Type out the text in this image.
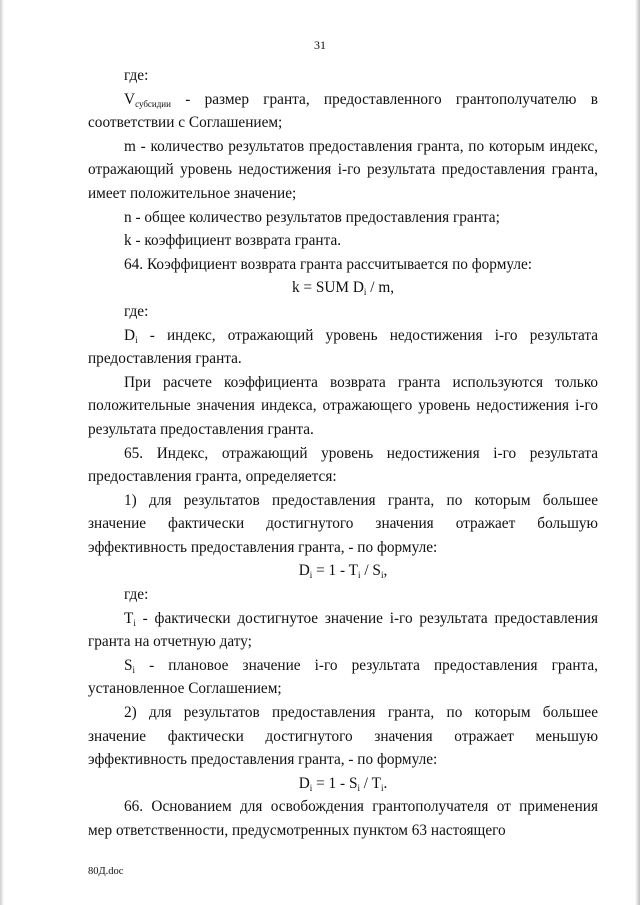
31

где:

$V_{субсидии}$ - размер гранта, предоставленного грантополучателю в соответствии с Соглашением;

m - количество результатов предоставления гранта, по которым индекс, отражающий уровень недостижения i-го результата предоставления гранта, имеет положительное значение;

n - общее количество результатов предоставления гранта;

k - коэффициент возврата гранта.

64. Коэффициент возврата гранта рассчитывается по формуле:

k = SUM $D_i$ / m,

где:

$D_i$ - индекс, отражающий уровень недостижения i-го результата предоставления гранта.

При расчете коэффициента возврата гранта используются только положительные значения индекса, отражающего уровень недостижения i-го результата предоставления гранта.

65. Индекс, отражающий уровень недостижения i-го результата предоставления гранта, определяется:

1) для результатов предоставления гранта, по которым большее значение фактически достигнутого значения отражает большую эффективность предоставления гранта, - по формуле:

$D_i = 1 - T_i / S_i$,

где:

$T_i$ - фактически достигнутое значение i-го результата предоставления гранта на отчетную дату;

$S_i$ - плановое значение i-го результата предоставления гранта, установленное Соглашением;

2) для результатов предоставления гранта, по которым большее значение фактически достигнутого значения отражает меньшую эффективность предоставления гранта, - по формуле:

$D_i = 1 - S_i / T_i$.

66. Основанием для освобождения грантополучателя от применения мер ответственности, предусмотренных пунктом 63 настоящего

80Д.doc
